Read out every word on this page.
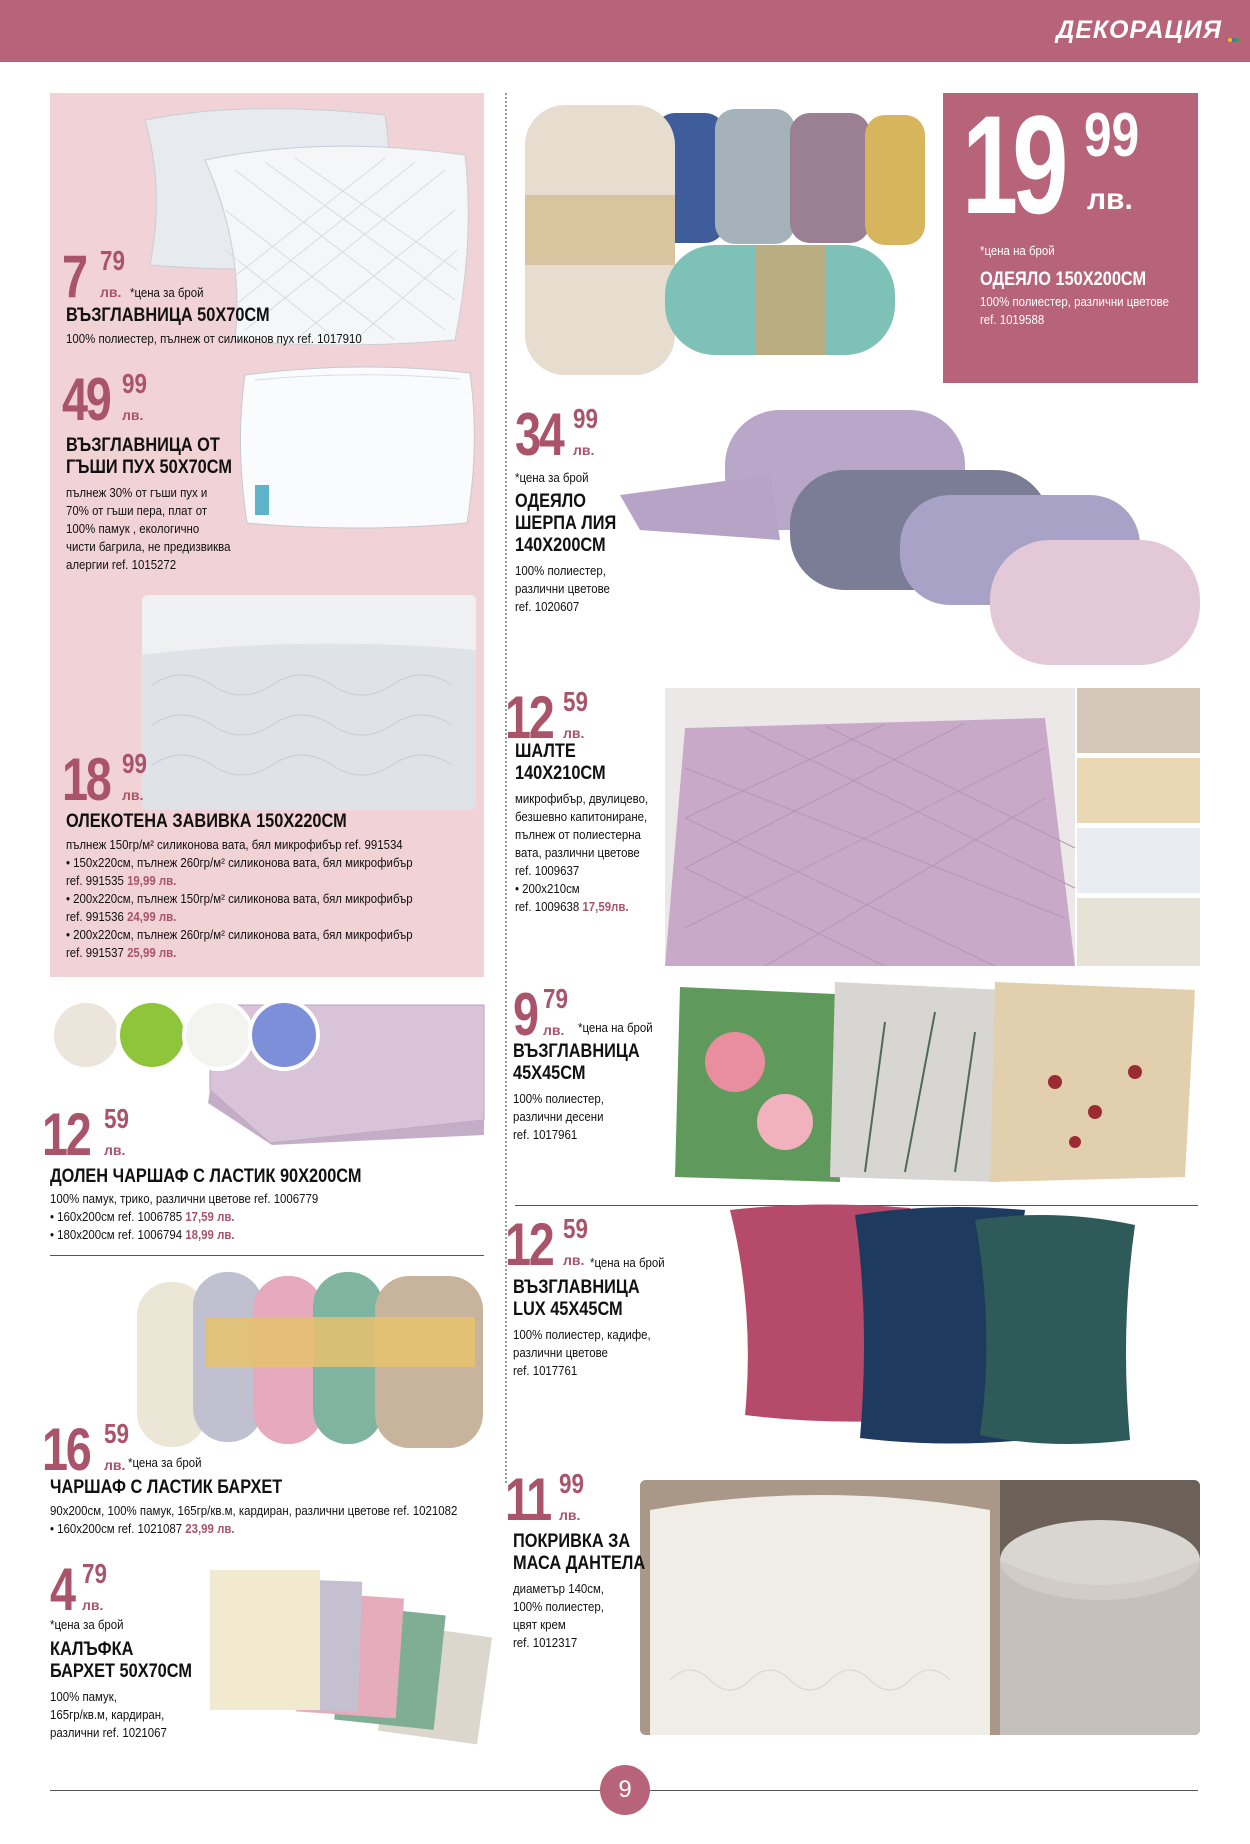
ДЕКОРАЦИЯ
7 79
лв. *цена за брой
ВЪЗГЛАВНИЦА 50Х70СМ
100% полиестер, пълнеж от силиконов пух ref. 1017910
49 99
лв.
ВЪЗГЛАВНИЦА ОТ
ГЪШИ ПУХ 50Х70СМ
пълнеж 30% от гъши пух и
70% от гъши пера, плат от
100% памук , екологично
чисти багрила, не предизвиква
алергии ref. 1015272
18 99
лв.
ОЛЕКОТЕНА ЗАВИВКА 150Х220СМ
пълнеж 150гр/м² силиконова вата, бял микрофибър ref. 991534
• 150х220см, пълнеж 260гр/м² силиконова вата, бял микрофибър
ref. 991535 19,99 лв.
• 200х220см, пълнеж 150гр/м² силиконова вата, бял микрофибър
ref. 991536 24,99 лв.
• 200х220см, пълнеж 260гр/м² силиконова вата, бял микрофибър
ref. 991537 25,99 лв.
12 59
лв.
ДОЛЕН ЧАРШАФ С ЛАСТИК 90Х200СМ
100% памук, трико, различни цветове ref. 1006779
• 160х200см ref. 1006785 17,59 лв.
• 180х200см ref. 1006794 18,99 лв.
16 59
лв. *цена за брой
ЧАРШАФ С ЛАСТИК БАРХЕТ
90х200см, 100% памук, 165гр/кв.м, кардиран, различни цветове ref. 1021082
• 160х200см ref. 1021087 23,99 лв.
4 79
лв.
*цена за брой
КАЛЪФКА
БАРХЕТ 50Х70СМ
100% памук,
165гр/кв.м, кардиран,
различни ref. 1021067
19 99
лв.
*цена на брой
ОДЕЯЛО 150Х200СМ
100% полиестер, различни цветове
ref. 1019588
34 99
лв.
*цена за брой
ОДЕЯЛО
ШЕРПА ЛИЯ
140Х200СМ
100% полиестер,
различни цветове
ref. 1020607
12 59
лв.
ШАЛТЕ
140Х210СМ
микрофибър, двулицево,
безшевно капитониране,
пълнеж от полиестерна
вата, различни цветове
ref. 1009637
• 200х210см
ref. 1009638 17,59лв.
9 79
лв. *цена на брой
ВЪЗГЛАВНИЦА
45Х45СМ
100% полиестер,
различни десени
ref. 1017961
12 59
лв. *цена на брой
ВЪЗГЛАВНИЦА
LUX 45Х45СМ
100% полиестер, кадифе,
различни цветове
ref. 1017761
11 99
лв.
ПОКРИВКА ЗА
МАСА ДАНТЕЛА
диаметър 140см,
100% полиестер,
цвят крем
ref. 1012317
9
